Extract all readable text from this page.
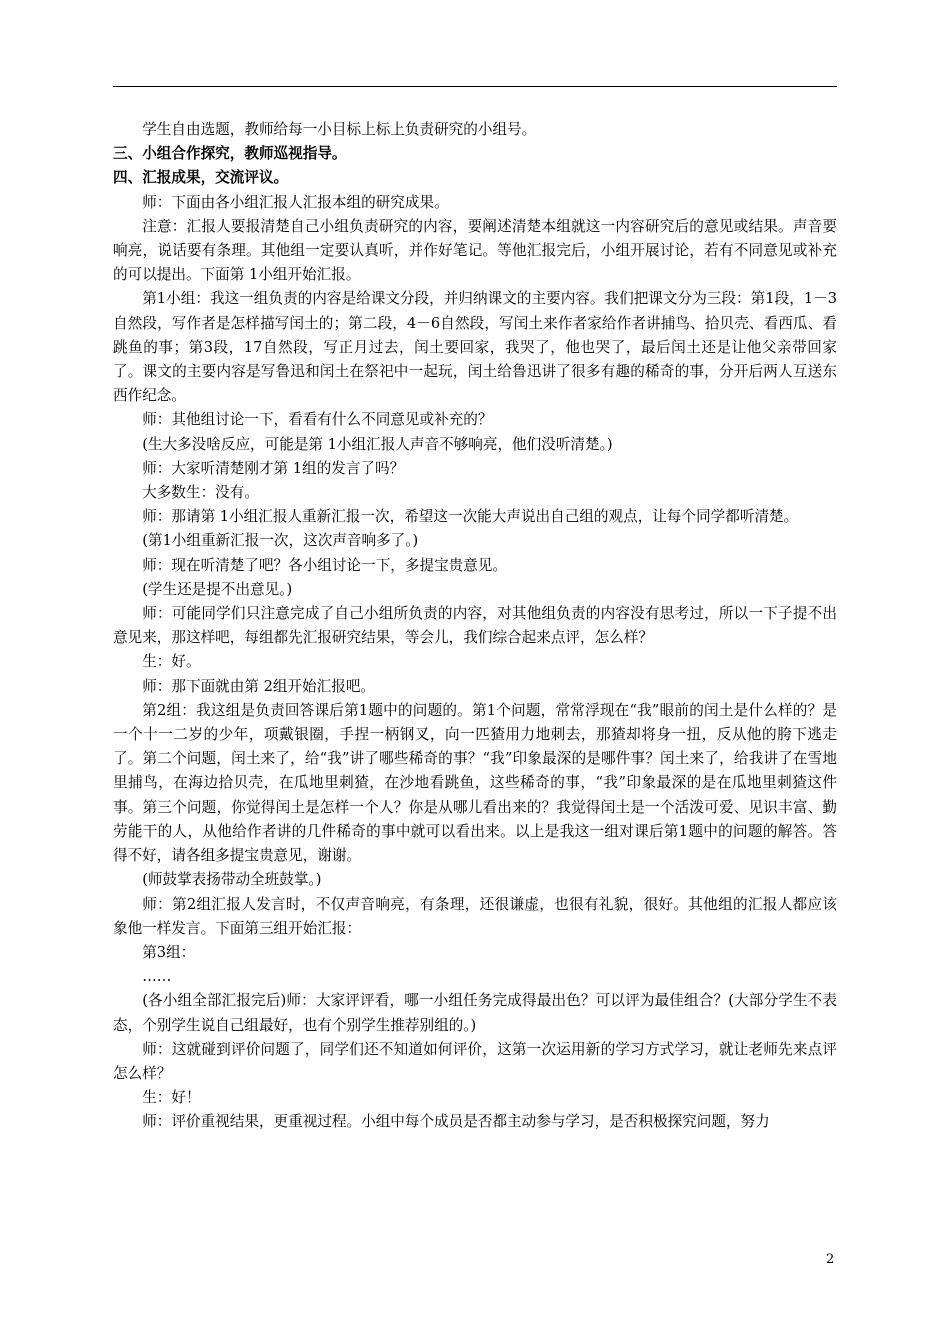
学生自由选题，教师给每一小目标上标上负责研究的小组号。

三、小组合作探究，教师巡视指导。

四、汇报成果，交流评议。

师：下面由各小组汇报人汇报本组的研究成果。

注意：汇报人要报清楚自己小组负责研究的内容，要阐述清楚本组就这一内容研究后的意见或结果。声音要响亮，说话要有条理。其他组一定要认真听，并作好笔记。等他汇报完后，小组开展讨论，若有不同意见或补充的可以提出。下面第 1小组开始汇报。

第1小组：我这一组负责的内容是给课文分段，并归纳课文的主要内容。我们把课文分为三段：第1段，1－3自然段，写作者是怎样描写闰土的；第二段，4－6自然段，写闰土来作者家给作者讲捕鸟、拾贝壳、看西瓜、看跳鱼的事；第3段，17自然段，写正月过去，闰土要回家，我哭了，他也哭了，最后闰土还是让他父亲带回家了。课文的主要内容是写鲁迅和闰土在祭祀中一起玩，闰土给鲁迅讲了很多有趣的稀奇的事，分开后两人互送东西作纪念。

师：其他组讨论一下，看看有什么不同意见或补充的？

(生大多没啥反应，可能是第 1小组汇报人声音不够响亮，他们没听清楚。)

师：大家听清楚刚才第 1组的发言了吗？

大多数生：没有。

师：那请第 1小组汇报人重新汇报一次，希望这一次能大声说出自己组的观点，让每个同学都听清楚。

(第1小组重新汇报一次，这次声音响多了。)

师：现在听清楚了吧？各小组讨论一下，多提宝贵意见。

(学生还是提不出意见。)

师：可能同学们只注意完成了自己小组所负责的内容，对其他组负责的内容没有思考过，所以一下子提不出意见来，那这样吧，每组都先汇报研究结果，等会儿，我们综合起来点评，怎么样？

生：好。

师：那下面就由第 2组开始汇报吧。

第2组：我这组是负责回答课后第1题中的问题的。第1个问题，常常浮现在“我”眼前的闰土是什么样的？是一个十一二岁的少年，项戴银圈，手捏一柄钢叉，向一匹猹用力地刺去，那猹却将身一扭，反从他的胯下逃走了。第二个问题，闰土来了，给“我”讲了哪些稀奇的事？“我”印象最深的是哪件事？闰土来了，给我讲了在雪地里捕鸟，在海边拾贝壳，在瓜地里刺猹，在沙地看跳鱼，这些稀奇的事，“我”印象最深的是在瓜地里刺猹这件事。第三个问题，你觉得闰土是怎样一个人？你是从哪儿看出来的？我觉得闰土是一个活泼可爱、见识丰富、勤劳能干的人，从他给作者讲的几件稀奇的事中就可以看出来。以上是我这一组对课后第1题中的问题的解答。答得不好，请各组多提宝贵意见，谢谢。

(师鼓掌表扬带动全班鼓掌。)

师：第2组汇报人发言时，不仅声音响亮，有条理，还很谦虚，也很有礼貌，很好。其他组的汇报人都应该象他一样发言。下面第三组开始汇报：

第3组：

……

(各小组全部汇报完后)师：大家评评看，哪一小组任务完成得最出色？可以评为最佳组合？(大部分学生不表态，个别学生说自己组最好，也有个别学生推荐别组的。)

师：这就碰到评价问题了，同学们还不知道如何评价，这第一次运用新的学习方式学习，就让老师先来点评怎么样？

生：好！

师：评价重视结果，更重视过程。小组中每个成员是否都主动参与学习，是否积极探究问题，努力

2
